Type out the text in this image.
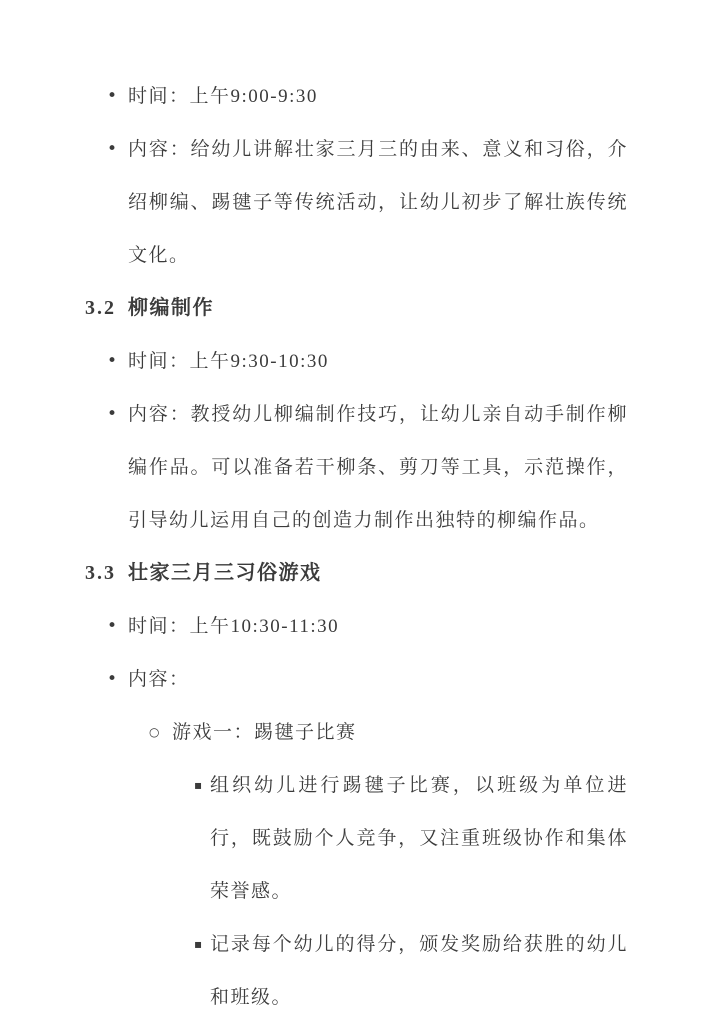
• 时间：上午9:00-9:30
• 内容：给幼儿讲解壮家三月三的由来、意义和习俗，介绍柳编、踢毽子等传统活动，让幼儿初步了解壮族传统文化。
3.2 柳编制作
• 时间：上午9:30-10:30
• 内容：教授幼儿柳编制作技巧，让幼儿亲自动手制作柳编作品。可以准备若干柳条、剪刀等工具，示范操作，引导幼儿运用自己的创造力制作出独特的柳编作品。
3.3 壮家三月三习俗游戏
• 时间：上午10:30-11:30
• 内容：
○ 游戏一：踢毽子比赛
▪ 组织幼儿进行踢毽子比赛，以班级为单位进行，既鼓励个人竞争，又注重班级协作和集体荣誉感。
▪ 记录每个幼儿的得分，颁发奖励给获胜的幼儿和班级。
